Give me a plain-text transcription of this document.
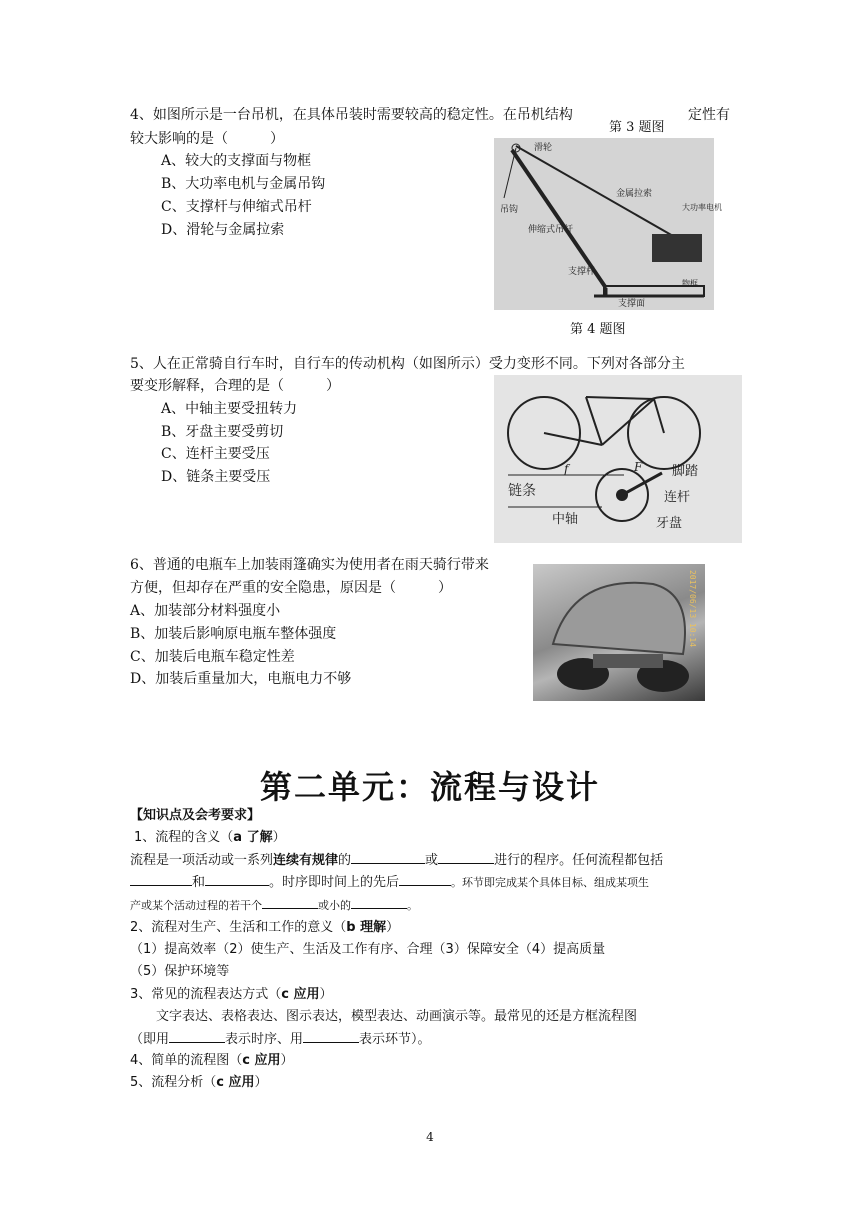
4、如图所示是一台吊机，在具体吊装时需要较高的稳定性。在吊机结构
第 3 题图
定性有
较大影响的是（　　　）
A、较大的支撑面与物框
B、大功率电机与金属吊钩
C、支撑杆与伸缩式吊杆
D、滑轮与金属拉索
滑轮
金属拉索
吊钩	大功率电机
伸缩式吊杆
支撑杆
物框
支撑面
第 4 题图
5、人在正常骑自行车时，自行车的传动机构（如图所示）受力变形不同。下列对各部分主
要变形解释，合理的是（　　　）
A、中轴主要受扭转力
B、牙盘主要受剪切
C、连杆主要受压
D、链条主要受压
链条
中轴
脚踏
连杆
牙盘
F
f
6、普通的电瓶车上加装雨篷确实为使用者在雨天骑行带来
方便，但却存在严重的安全隐患，原因是（　　　）
A、加装部分材料强度小
B、加装后影响原电瓶车整体强度
C、加装后电瓶车稳定性差
D、加装后重量加大，电瓶电力不够
2017/06/13 10:14
第二单元：流程与设计
【知识点及会考要求】
1、流程的含义（a 了解）
流程是一项活动或一系列连续有规律的	或	进行的程序。任何流程都包括
和	。时序即时间上的先后	。环节即完成某个具体目标、组成某项生
产或某个活动过程的若干个	或小的	。
2、流程对生产、生活和工作的意义（b 理解）
（1）提高效率（2）使生产、生活及工作有序、合理（3）保障安全（4）提高质量
（5）保护环境等
3、常见的流程表达方式（c 应用）
文字表达、表格表达、图示表达，模型表达、动画演示等。最常见的还是方框流程图
（即用	表示时序、用	表示环节）。
4、简单的流程图（c 应用）
5、流程分析（c 应用）
4
